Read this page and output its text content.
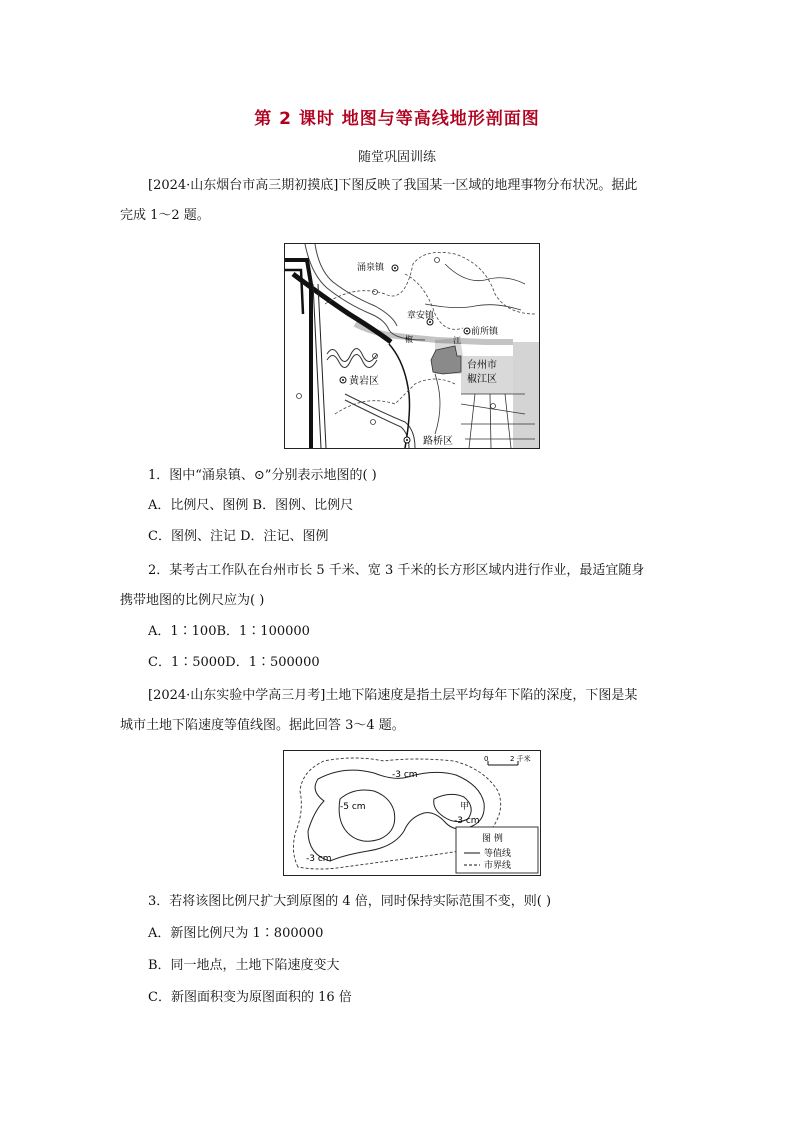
第 2 课时 地图与等高线地形剖面图
随堂巩固训练
[2024·山东烟台市高三期初摸底]下图反映了我国某一区域的地理事物分布状况。据此
完成 1～2 题。
涌泉镇
章安镇
前所镇
椒	江
台州市
椒江区
黄岩区
路桥区
1．图中“涌泉镇、⊙”分别表示地图的( )
A．比例尺、图例 B．图例、比例尺
C．图例、注记 D．注记、图例
2．某考古工作队在台州市长 5 千米、宽 3 千米的长方形区域内进行作业，最适宜随身
携带地图的比例尺应为( )
A．1∶100B．1∶100000
C．1∶5000D．1∶500000
[2024·山东实验中学高三月考]土地下陷速度是指土层平均每年下陷的深度，下图是某
城市土地下陷速度等值线图。据此回答 3～4 题。
0	2 千米
-3 cm
-5 cm	甲
-3 cm
-3 cm
图 例
等值线
市界线
3．若将该图比例尺扩大到原图的 4 倍，同时保持实际范围不变，则( )
A．新图比例尺为 1∶800000
B．同一地点，土地下陷速度变大
C．新图面积变为原图面积的 16 倍
